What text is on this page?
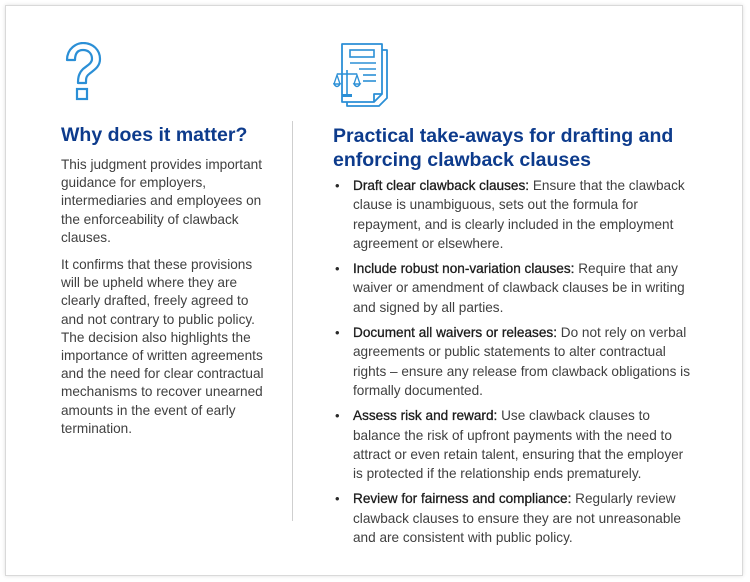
Why does it matter?

This judgment provides important guidance for employers, intermediaries and employees on the enforceability of clawback clauses.

It confirms that these provisions will be upheld where they are clearly drafted, freely agreed to and not contrary to public policy. The decision also highlights the importance of written agreements and the need for clear contractual mechanisms to recover unearned amounts in the event of early termination.

Practical take-aways for drafting and enforcing clawback clauses
• Draft clear clawback clauses: Ensure that the clawback clause is unambiguous, sets out the formula for repayment, and is clearly included in the employment agreement or elsewhere.
• Include robust non-variation clauses: Require that any waiver or amendment of clawback clauses be in writing and signed by all parties.
• Document all waivers or releases: Do not rely on verbal agreements or public statements to alter contractual rights – ensure any release from clawback obligations is formally documented.
• Assess risk and reward: Use clawback clauses to balance the risk of upfront payments with the need to attract or even retain talent, ensuring that the employer is protected if the relationship ends prematurely.
• Review for fairness and compliance: Regularly review clawback clauses to ensure they are not unreasonable and are consistent with public policy.
